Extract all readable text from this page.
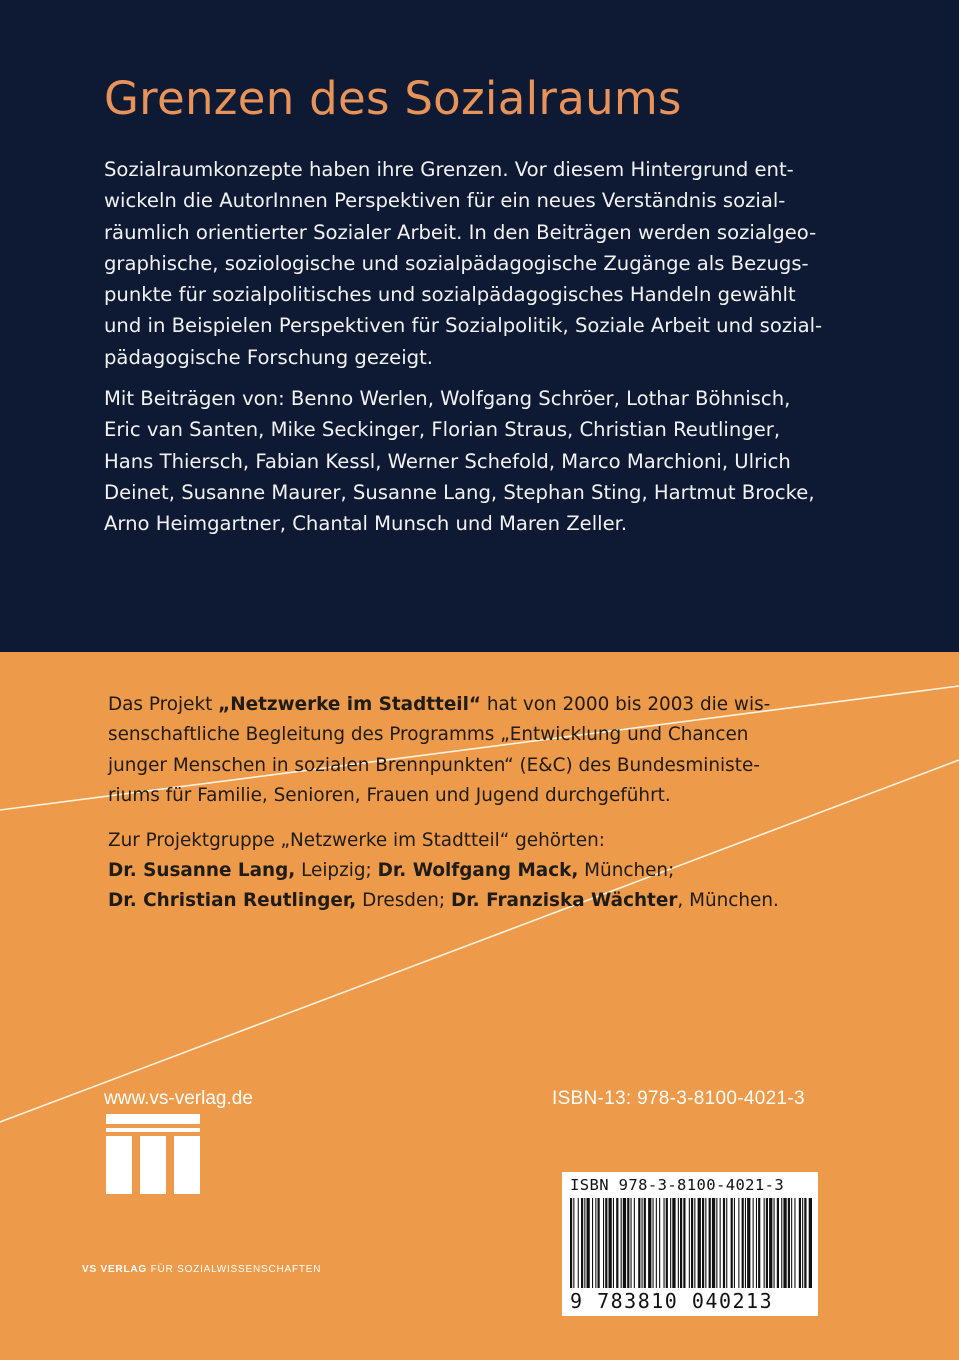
Grenzen des Sozialraums
Sozialraumkonzepte haben ihre Grenzen. Vor diesem Hintergrund ent-
wickeln die AutorInnen Perspektiven für ein neues Verständnis sozial-
räumlich orientierter Sozialer Arbeit. In den Beiträgen werden sozialgeo-
graphische, soziologische und sozialpädagogische Zugänge als Bezugs-
punkte für sozialpolitisches und sozialpädagogisches Handeln gewählt
und in Beispielen Perspektiven für Sozialpolitik, Soziale Arbeit und sozial-
pädagogische Forschung gezeigt.
Mit Beiträgen von: Benno Werlen, Wolfgang Schröer, Lothar Böhnisch,
Eric van Santen, Mike Seckinger, Florian Straus, Christian Reutlinger,
Hans Thiersch, Fabian Kessl, Werner Schefold, Marco Marchioni, Ulrich
Deinet, Susanne Maurer, Susanne Lang, Stephan Sting, Hartmut Brocke,
Arno Heimgartner, Chantal Munsch und Maren Zeller.
Das Projekt „Netzwerke im Stadtteil“ hat von 2000 bis 2003 die wis-
senschaftliche Begleitung des Programms „Entwicklung und Chancen
junger Menschen in sozialen Brennpunkten“ (E&C) des Bundesministe-
riums für Familie, Senioren, Frauen und Jugend durchgeführt.
Zur Projektgruppe „Netzwerke im Stadtteil“ gehörten:
Dr. Susanne Lang, Leipzig; Dr. Wolfgang Mack, München;
Dr. Christian Reutlinger, Dresden; Dr. Franziska Wächter, München.
www.vs-verlag.de
VS VERLAG FÜR SOZIALWISSENSCHAFTEN
ISBN-13: 978-3-8100-4021-3
ISBN 978-3-8100-4021-3
9 783810 040213
